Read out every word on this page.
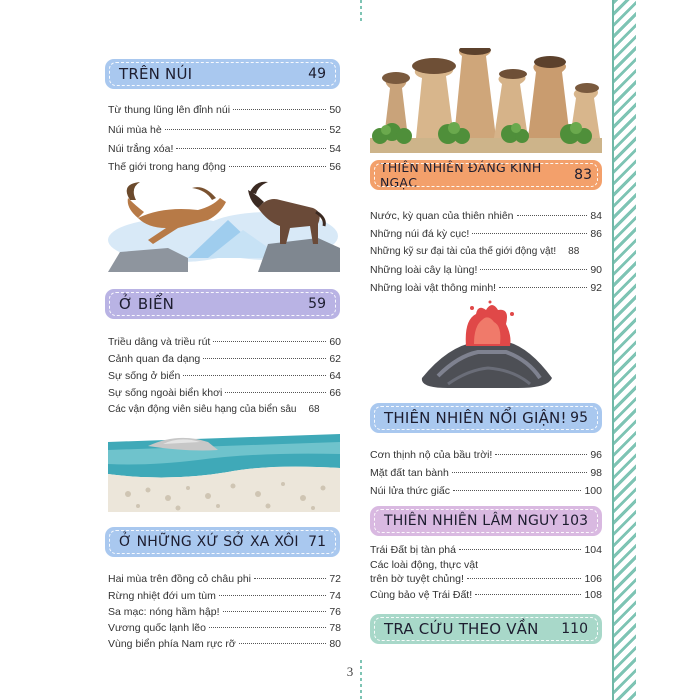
TRÊN NÚI	49
Từ thung lũng lên đỉnh núi	50
Núi mùa hè	52
Núi trắng xóa!	54
Thế giới trong hang động	56
Ở BIỂN	59
Triều dâng và triều rút	60
Cảnh quan đa dạng	62
Sự sống ở biển	64
Sự sống ngoài biển khơi	66
Các vận động viên siêu hạng của biển sâu 68
Ở NHỮNG XỨ SỞ XA XÔI 71
Hai mùa trên đồng cỏ châu phi	72
Rừng nhiệt đới um tùm	74
Sa mạc: nóng hầm hập!	76
Vương quốc lạnh lẽo	78
Vùng biển phía Nam rực rỡ	80
THIÊN NHIÊN ĐÁNG KINH NGẠC	83
Nước, kỳ quan của thiên nhiên	84
Những núi đá kỳ cục!	86
Những kỹ sư đại tài của thế giới động vật! 88
Những loài cây lạ lùng!	90
Những loài vật thông minh!	92
THIÊN NHIÊN NỔI GIẬN! 95
Cơn thịnh nộ của bầu trời!	96
Mặt đất tan bành	98
Núi lửa thức giấc	100
THIÊN NHIÊN LÂM NGUY 103
Trái Đất bị tàn phá	104
Các loài động, thực vật
trên bờ tuyệt chủng!	106
Cùng bảo vệ Trái Đất!	108
TRA CỨU THEO VẦN 110
3
